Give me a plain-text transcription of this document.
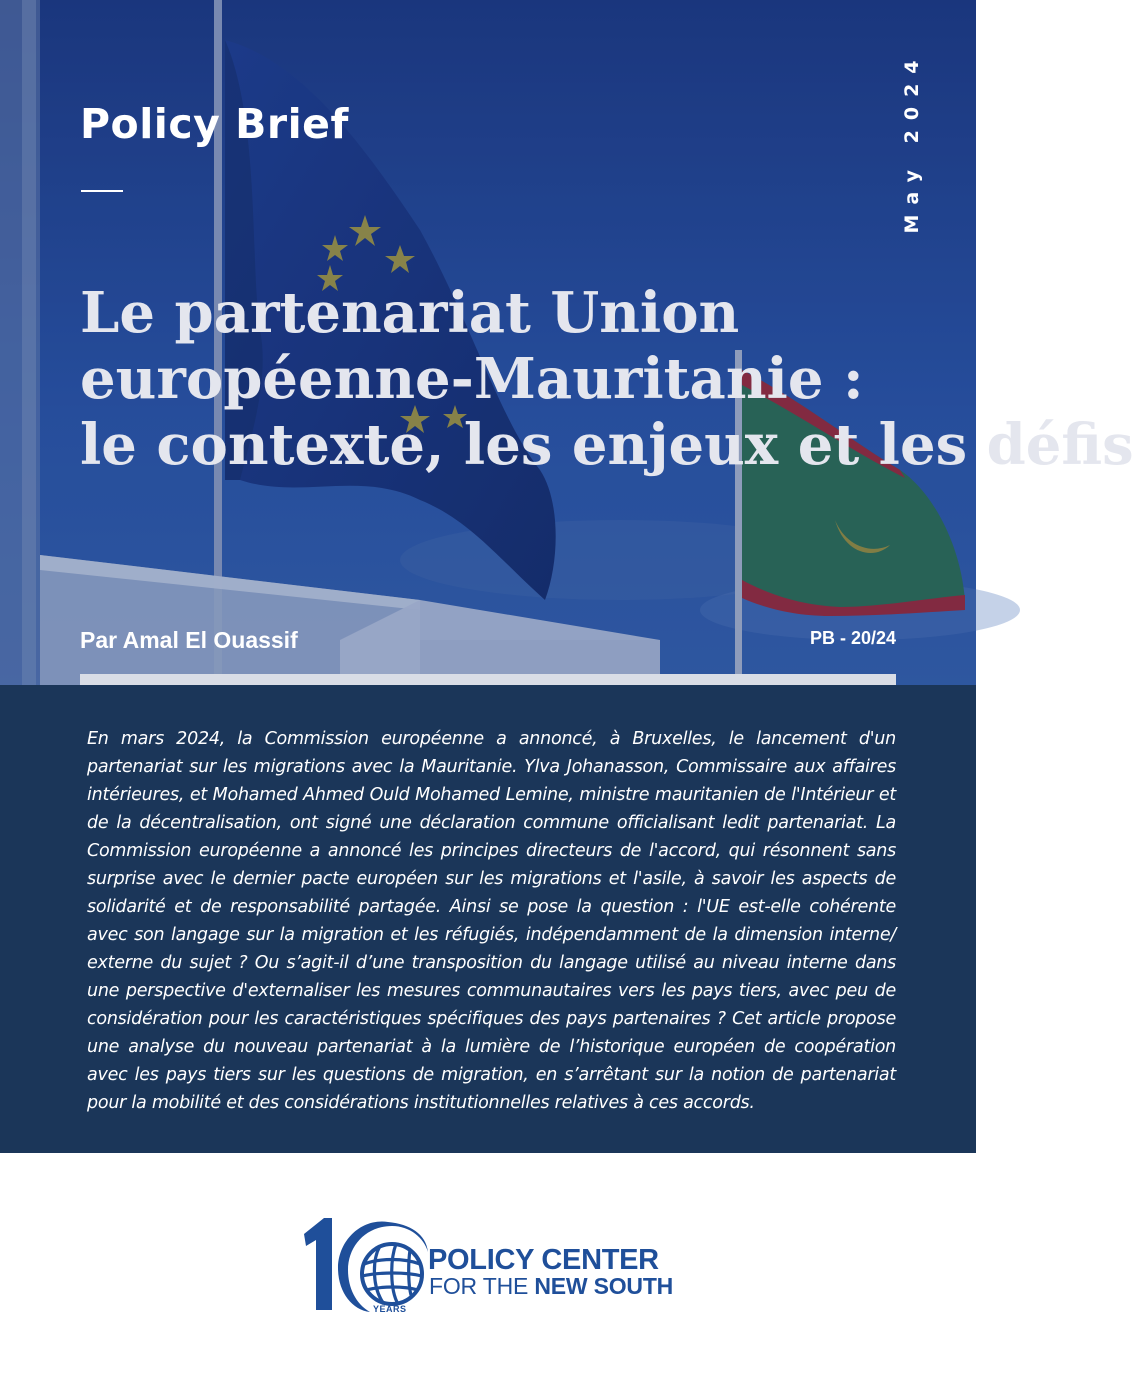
Policy Brief	May 2024
Le partenariat Union
européenne-Mauritanie :
le contexte, les enjeux et les défis
Par Amal El Ouassif	PB - 20/24

En mars 2024, la Commission européenne a annoncé, à Bruxelles, le lancement d'un partenariat sur les migrations avec la Mauritanie. Ylva Johanasson, Commissaire aux affaires intérieures, et Mohamed Ahmed Ould Mohamed Lemine, ministre mauritanien de l'Intérieur et de la décentralisation, ont signé une déclaration commune officialisant ledit partenariat. La Commission européenne a annoncé les principes directeurs de l'accord, qui résonnent sans surprise avec le dernier pacte européen sur les migrations et l'asile, à savoir les aspects de solidarité et de responsabilité partagée. Ainsi se pose la question : l'UE est-elle cohérente avec son langage sur la migration et les réfugiés, indépendamment de la dimension interne/ externe du sujet ? Ou s’agit-il d’une transposition du langage utilisé au niveau interne dans une perspective d'externaliser les mesures communautaires vers les pays tiers, avec peu de considération pour les caractéristiques spécifiques des pays partenaires ? Cet article propose une analyse du nouveau partenariat à la lumière de l’historique européen de coopération avec les pays tiers sur les questions de migration, en s’arrêtant sur la notion de partenariat pour la mobilité et des considérations institutionnelles relatives à ces accords.

YEARS
POLICY CENTER
FOR THE NEW SOUTH
